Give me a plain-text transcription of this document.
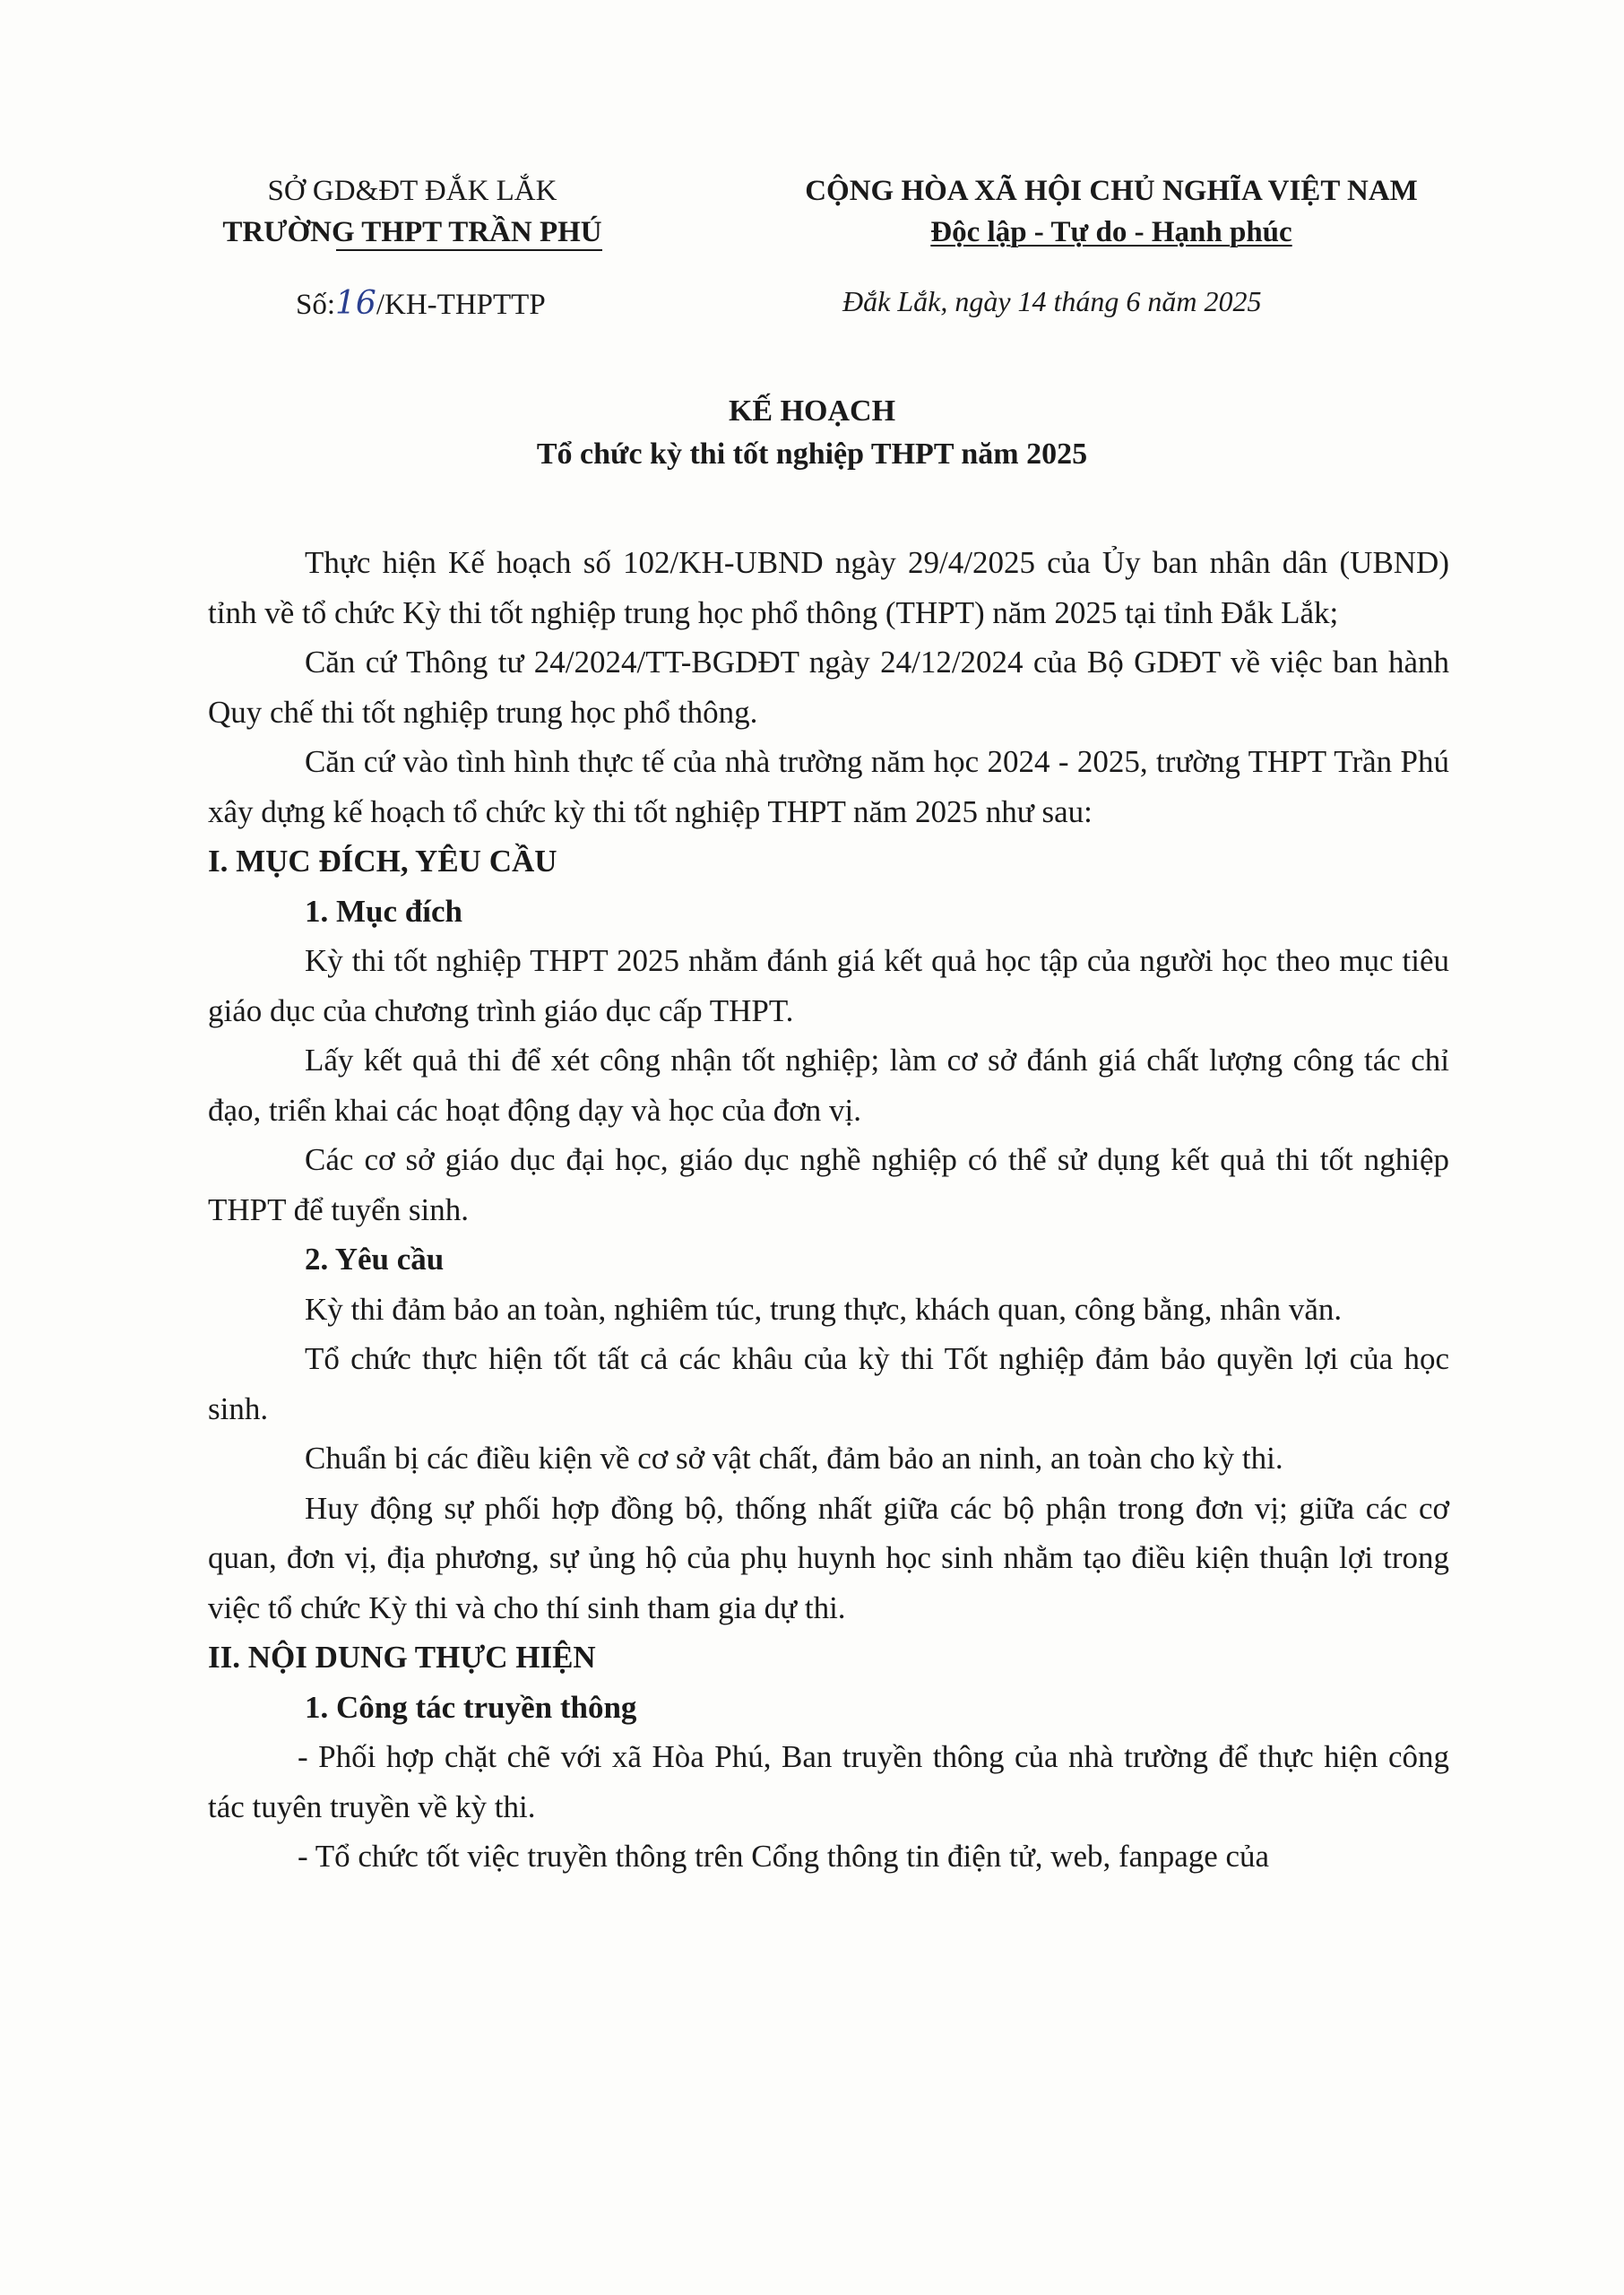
SỞ GD&ĐT ĐẮK LẮK
TRƯỜNG THPT TRẦN PHÚ
CỘNG HÒA XÃ HỘI CHỦ NGHĨA VIỆT NAM
Độc lập - Tự do - Hạnh phúc
Số:16/KH-THPTTP	Đắk Lắk, ngày 14 tháng 6 năm 2025
KẾ HOẠCH
Tổ chức kỳ thi tốt nghiệp THPT năm 2025

Thực hiện Kế hoạch số 102/KH-UBND ngày 29/4/2025 của Ủy ban nhân dân (UBND) tỉnh về tổ chức Kỳ thi tốt nghiệp trung học phổ thông (THPT) năm 2025 tại tỉnh Đắk Lắk;

Căn cứ Thông tư 24/2024/TT-BGDĐT ngày 24/12/2024 của Bộ GDĐT về việc ban hành Quy chế thi tốt nghiệp trung học phổ thông.

Căn cứ vào tình hình thực tế của nhà trường năm học 2024 - 2025, trường THPT Trần Phú xây dựng kế hoạch tổ chức kỳ thi tốt nghiệp THPT năm 2025 như sau:

I. MỤC ĐÍCH, YÊU CẦU

1. Mục đích

Kỳ thi tốt nghiệp THPT 2025 nhằm đánh giá kết quả học tập của người học theo mục tiêu giáo dục của chương trình giáo dục cấp THPT.

Lấy kết quả thi để xét công nhận tốt nghiệp; làm cơ sở đánh giá chất lượng công tác chỉ đạo, triển khai các hoạt động dạy và học của đơn vị.

Các cơ sở giáo dục đại học, giáo dục nghề nghiệp có thể sử dụng kết quả thi tốt nghiệp THPT để tuyển sinh.

2. Yêu cầu

Kỳ thi đảm bảo an toàn, nghiêm túc, trung thực, khách quan, công bằng, nhân văn.

Tổ chức thực hiện tốt tất cả các khâu của kỳ thi Tốt nghiệp đảm bảo quyền lợi của học sinh.

Chuẩn bị các điều kiện về cơ sở vật chất, đảm bảo an ninh, an toàn cho kỳ thi.

Huy động sự phối hợp đồng bộ, thống nhất giữa các bộ phận trong đơn vị; giữa các cơ quan, đơn vị, địa phương, sự ủng hộ của phụ huynh học sinh nhằm tạo điều kiện thuận lợi trong việc tổ chức Kỳ thi và cho thí sinh tham gia dự thi.

II. NỘI DUNG THỰC HIỆN

1. Công tác truyền thông

- Phối hợp chặt chẽ với xã Hòa Phú, Ban truyền thông của nhà trường để thực hiện công tác tuyên truyền về kỳ thi.

- Tổ chức tốt việc truyền thông trên Cổng thông tin điện tử, web, fanpage của
